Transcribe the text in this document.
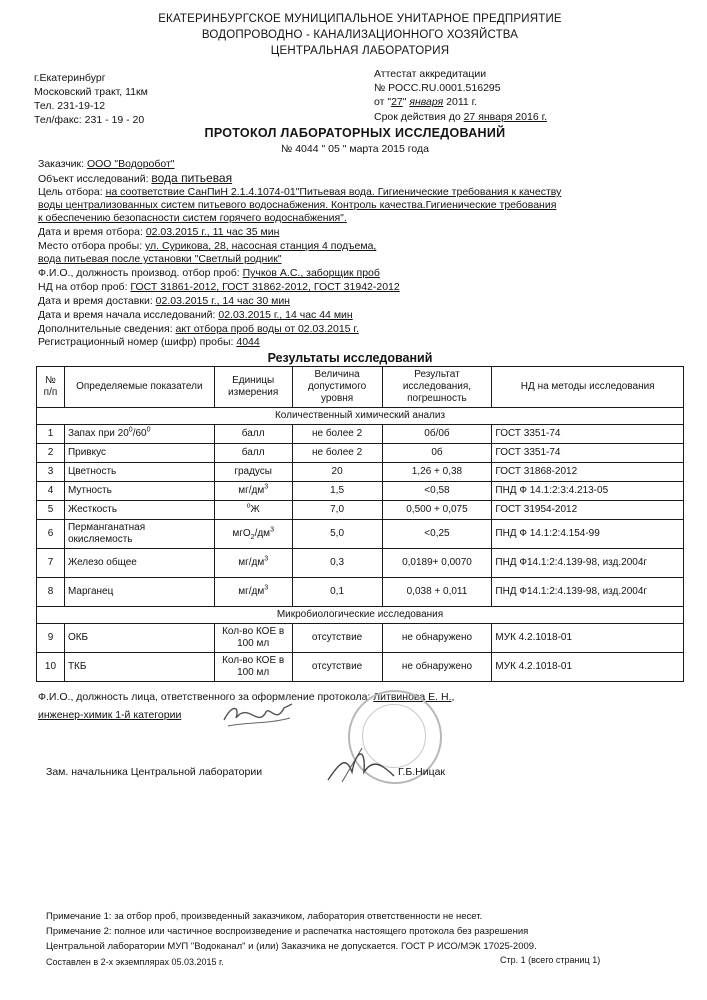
ЕКАТЕРИНБУРГСКОЕ МУНИЦИПАЛЬНОЕ УНИТАРНОЕ ПРЕДПРИЯТИЕ
ВОДОПРОВОДНО - КАНАЛИЗАЦИОННОГО ХОЗЯЙСТВА
ЦЕНТРАЛЬНАЯ ЛАБОРАТОРИЯ
г.Екатеринбург
Московский тракт, 11км
Тел. 231-19-12
Тел/факс: 231 - 19 - 20
Аттестат аккредитации
№ РОСС.RU.0001.516295
от "27" января 2011 г.
Срок действия до 27 января 2016 г.
ПРОТОКОЛ ЛАБОРАТОРНЫХ ИССЛЕДОВАНИЙ
№ 4044 " 05 " марта 2015 года
Заказчик: ООО "Водоробот"
Объект исследований: вода питьевая
Цель отбора: на соответствие СанПиН 2.1.4.1074-01"Питьевая вода. Гигиенические требования к качеству
воды централизованных систем питьевого водоснабжения. Контроль качества.Гигиенические требования
к обеспечению безопасности систем горячего водоснабжения".
Дата и время отбора: 02.03.2015 г., 11 час 35 мин
Место отбора пробы: ул. Сурикова, 28, насосная станция 4 подъема,
вода питьевая после установки "Светлый родник"
Ф.И.О., должность производ. отбор проб: Пучков А.С., заборщик проб
НД на отбор проб: ГОСТ 31861-2012, ГОСТ 31862-2012, ГОСТ 31942-2012
Дата и время доставки: 02.03.2015 г., 14 час 30 мин
Дата и время начала исследований: 02.03.2015 г., 14 час 44 мин
Дополнительные сведения: акт отбора проб воды от 02.03.2015 г.
Регистрационный номер (шифр) пробы: 4044
Результаты исследований
№ п/п	Определяемые показатели	Единицы измерения	Величина допустимого уровня	Результат исследования, погрешность	НД на методы исследования
Количественный химический анализ					
1	Запах при $20^0/60^0$	балл	не более 2	0б/0б	ГОСТ 3351-74
2	Привкус	балл	не более 2	0б	ГОСТ 3351-74
3	Цветность	градусы	20	1,26 + 0,38	ГОСТ 31868-2012
4	Мутность	$мг/дм^3$	1,5	<0,58	ПНД Ф 14.1:2:3:4.213-05
5	Жесткость	$^о$Ж	7,0	0,500 + 0,075	ГОСТ 31954-2012
6	Перманганатная окисляемость	$мгО_2/дм^3$	5,0	<0,25	ПНД Ф 14.1:2:4.154-99
7	Железо общее	$мг/дм^3$	0,3	0,0189+ 0,0070	ПНД Ф14.1:2:4.139-98, изд.2004г
8	Марганец	$мг/дм^3$	0,1	0,038 + 0,011	ПНД Ф14.1:2:4.139-98, изд.2004г
Микробиологические исследования					
9	ОКБ	Кол-во КОЕ в 100 мл	отсутствие	не обнаружено	МУК 4.2.1018-01
10	ТКБ	Кол-во КОЕ в 100 мл	отсутствие	не обнаружено	МУК 4.2.1018-01
Ф.И.О., должность лица, ответственного за оформление протокола: Литвинова Е. Н.,
инженер-химик 1-й категории
Зам. начальника Центральной лаборатории	Г.Б.Ницак
Примечание 1: за отбор проб, произведенный заказчиком, лаборатория ответственности не несет.
Примечание 2: полное или частичное воспроизведение и распечатка настоящего протокола без разрешения
Центральной лаборатории МУП "Водоканал" и (или) Заказчика не допускается. ГОСТ Р ИСО/МЭК 17025-2009.
Составлен в 2-х экземплярах 05.03.2015 г.	Стр. 1 (всего страниц 1)
